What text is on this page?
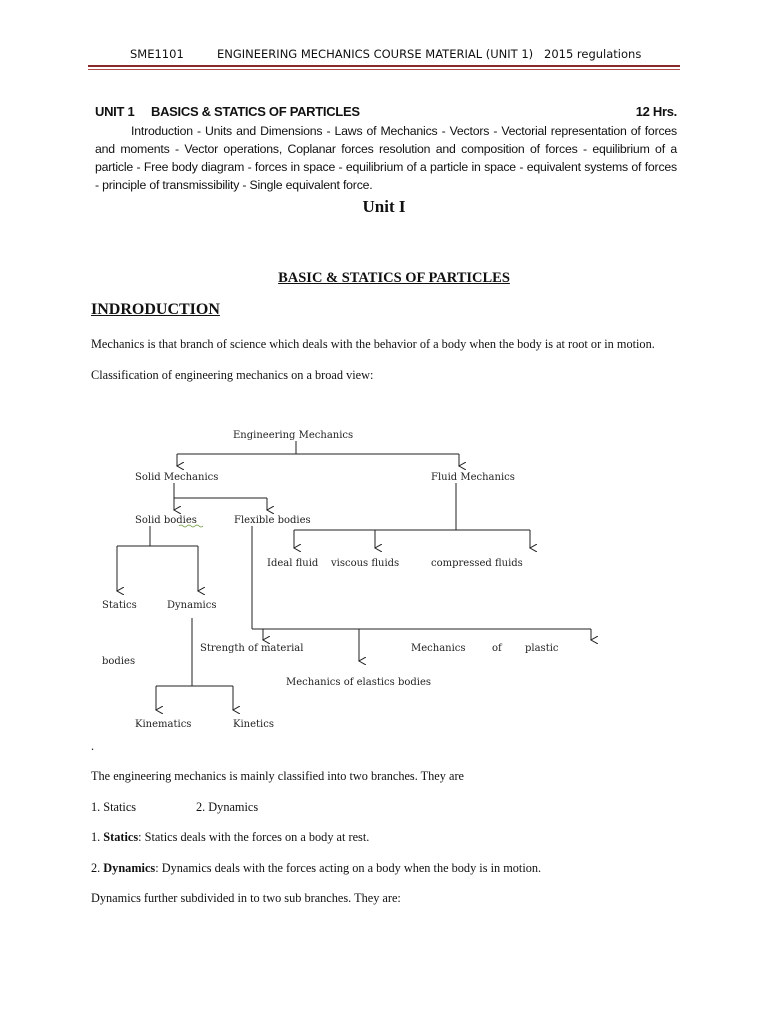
SME1101	ENGINEERING MECHANICS COURSE MATERIAL (UNIT 1) 2015 regulations
UNIT 1 BASICS & STATICS OF PARTICLES	12 Hrs.
Introduction - Units and Dimensions - Laws of Mechanics - Vectors - Vectorial representation of forces and moments - Vector operations, Coplanar forces resolution and composition of forces - equilibrium of a particle - Free body diagram - forces in space - equilibrium of a particle in space - equivalent systems of forces - principle of transmissibility - Single equivalent force.
Unit I
BASIC & STATICS OF PARTICLES
INDRODUCTION
Mechanics is that branch of science which deals with the behavior of a body when the body is at root or in motion.
Classification of engineering mechanics on a broad view:
Engineering Mechanics
Solid Mechanics	Fluid Mechanics
Solid bodies	Flexible bodies
Ideal fluid viscous fluids	compressed fluids
Statics	Dynamics
Strength of material	Mechanics	of plastic
bodies
Mechanics of elastics bodies
Kinematics	Kinetics
.
The engineering mechanics is mainly classified into two branches. They are
1. Statics	2. Dynamics
1. Statics: Statics deals with the forces on a body at rest.
2. Dynamics: Dynamics deals with the forces acting on a body when the body is in motion.
Dynamics further subdivided in to two sub branches. They are:
